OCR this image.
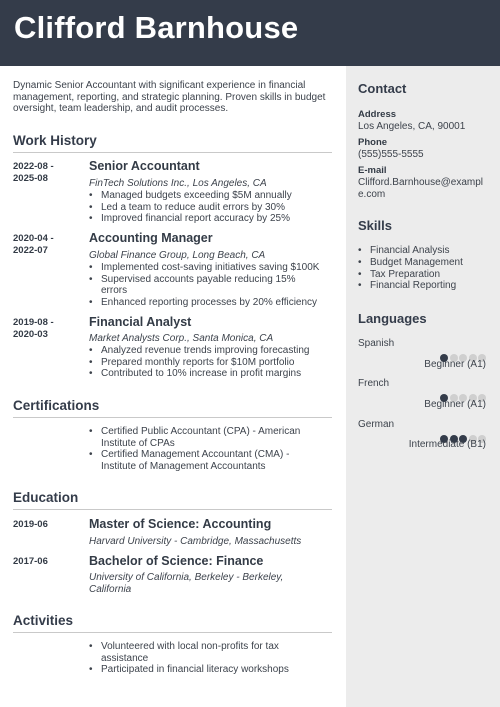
Clifford Barnhouse
Dynamic Senior Accountant with significant experience in financial management, reporting, and strategic planning. Proven skills in budget oversight, team leadership, and audit processes.
Work History
2022-08 -
2025-08
Senior Accountant
FinTech Solutions Inc., Los Angeles, CA
• Managed budgets exceeding $5M annually
• Led a team to reduce audit errors by 30%
• Improved financial report accuracy by 25%
2020-04 -
2022-07
Accounting Manager
Global Finance Group, Long Beach, CA
• Implemented cost-saving initiatives saving $100K
• Supervised accounts payable reducing 15% errors
• Enhanced reporting processes by 20% efficiency
2019-08 -
2020-03
Financial Analyst
Market Analysts Corp., Santa Monica, CA
• Analyzed revenue trends improving forecasting
• Prepared monthly reports for $10M portfolio
• Contributed to 10% increase in profit margins
Certifications
• Certified Public Accountant (CPA) - American Institute of CPAs
• Certified Management Accountant (CMA) - Institute of Management Accountants
Education
2019-06	Master of Science: Accounting
Harvard University - Cambridge, Massachusetts
2017-06	Bachelor of Science: Finance
University of California, Berkeley - Berkeley, California
Activities
• Volunteered with local non-profits for tax assistance
• Participated in financial literacy workshops
Contact
Address
Los Angeles, CA, 90001
Phone
(555)555-5555
E-mail
Clifford.Barnhouse@example.com
Skills
• Financial Analysis
• Budget Management
• Tax Preparation
• Financial Reporting
Languages
Spanish
Beginner (A1)
French
Beginner (A1)
German
Intermediate (B1)
